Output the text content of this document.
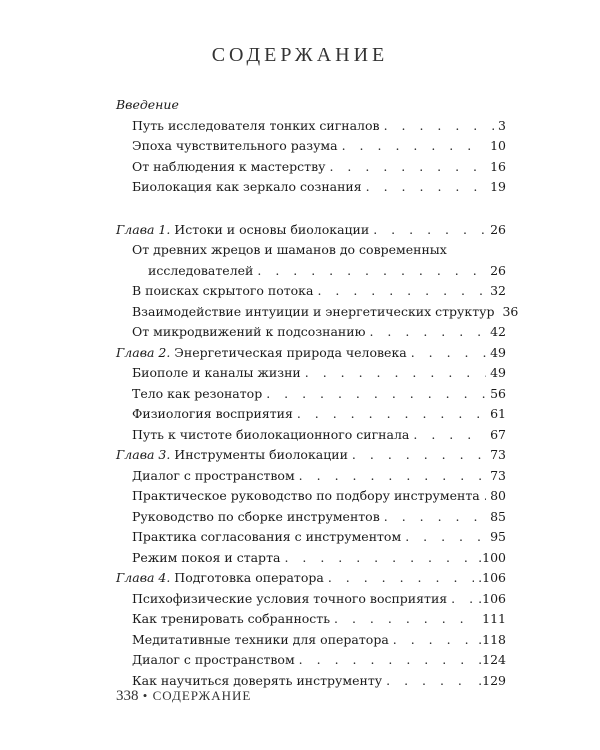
СОДЕРЖАНИЕ
Введение
Путь исследователя тонких сигналов . . .	3
Эпоха чувствительного разума . . .	10
От наблюдения к мастерству . . .	16
Биолокация как зеркало сознания . . .	19
Глава 1. Истоки и основы биолокации . . .	26
От древних жрецов и шаманов до современных
исследователей . . .	26
В поисках скрытого потока . . .	32
Взаимодействие интуиции и энергетических структур 36
От микродвижений к подсознанию . . .	42
Глава 2. Энергетическая природа человека . . .	49
Биополе и каналы жизни . . .	49
Тело как резонатор . . .	56
Физиология восприятия . . .	61
Путь к чистоте биолокационного сигнала . . .	67
Глава 3. Инструменты биолокации . . .	73
Диалог с пространством . . .	73
Практическое руководство по подбору инструмента . . . 80
Руководство по сборке инструментов . . .	85
Практика согласования с инструментом . . .	95
Режим покоя и старта . . .	.100
Глава 4. Подготовка оператора . . .	.106
Психофизические условия точного восприятия . . . .106
Как тренировать собранность . . .	111
Медитативные техники для оператора . . .	.118
Диалог с пространством . . .	.124
Как научиться доверять инструменту . . .	.129
338 • СОДЕРЖАНИЕ
